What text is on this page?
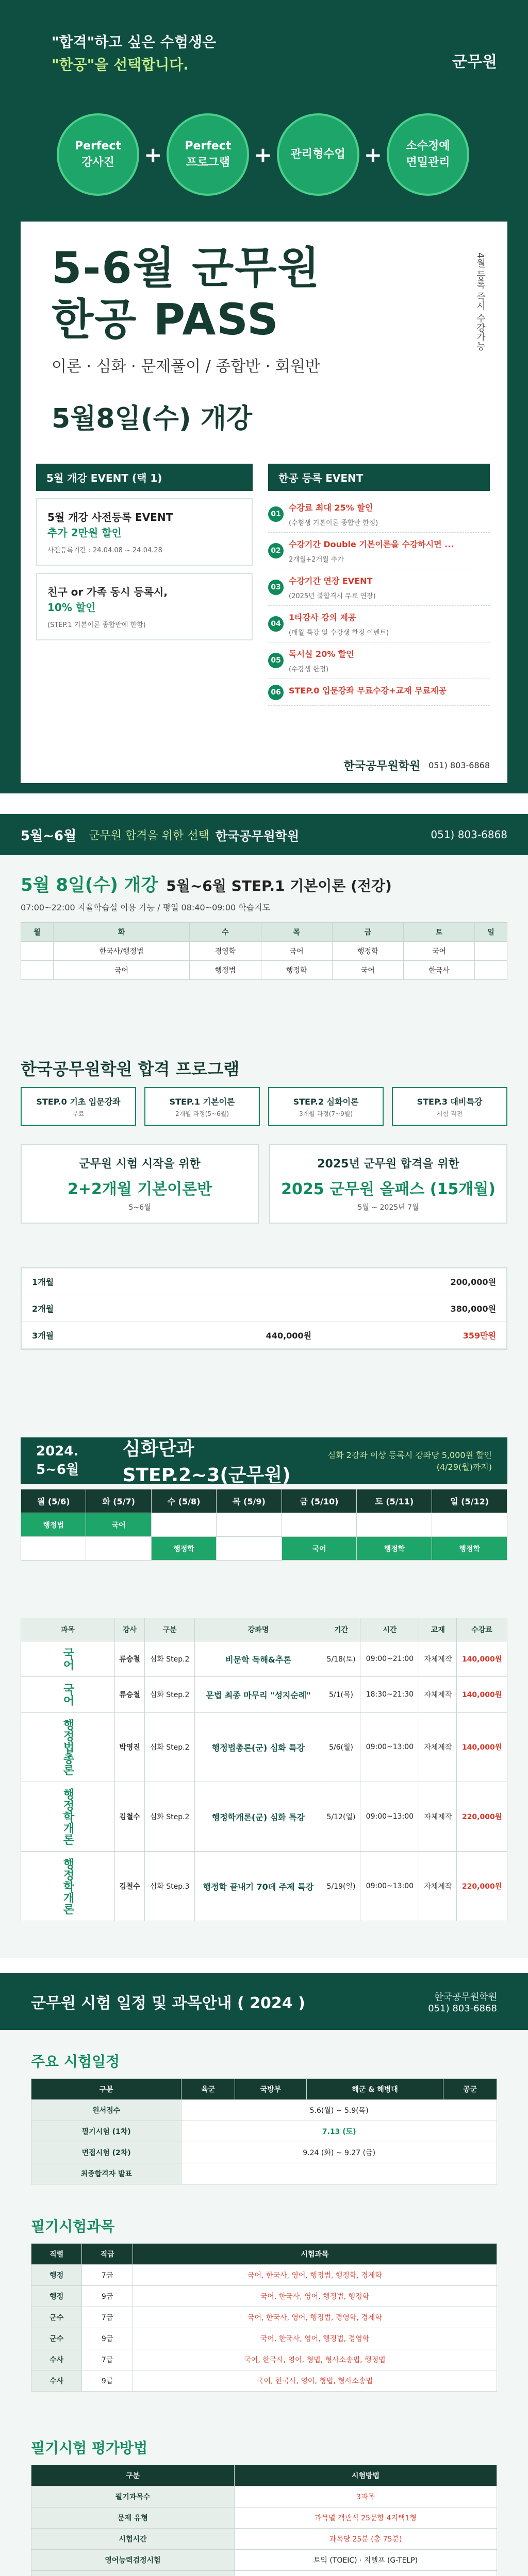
"합격"하고 싶은 수험생은
"한공"을 선택합니다.	군무원
Perfect
강사진 + Perfect
프로그램 + 관리형수업 + 소수정예
면밀관리
5-6월 군무원
한공 PASS
이론 · 심화 · 문제풀이 / 종합반 · 회원반
5월8일(수) 개강
4월 등록 즉시 수강가능
5월 개강 EVENT (택 1)
5월 개강 사전등록 EVENT
추가 2만원 할인
사전등록기간 : 24.04.08 ~ 24.04.28
친구 or 가족 동시 등록시,
10% 할인
(STEP.1 기본이론 종합반에 한함)
한공 등록 EVENT
01
수강료 최대 25% 할인
(수험생 기본이론 종합반 한정)
02
수강기간 Double 기본이론을 수강하시면 ...
2개월+2개월 추가
03
수강기간 연장 EVENT
(2025년 불합격시 무료 연장)
04
1타강사 강의 제공
(매월 특강 및 수강생 한정 이벤트)
05
독서실 20% 할인
(수강생 한정)
06 STEP.0 입문강좌 무료수강+교재 무료제공
한국공무원학원 051) 803-6868
5월~6월 군무원 합격을 위한 선택 한국공무원학원	051) 803-6868
5월 8일(수) 개강 5월~6월 STEP.1 기본이론 (전강)
07:00~22:00 자율학습실 이용 가능 / 평일 08:40~09:00 학습지도
월	화	수	목	금	토	일
	한국사/행정법	경영학	국어	행정학	국어	
	국어	행정법	행정학	국어	한국사	
한국공무원학원 합격 프로그램
STEP.0 기초 입문강좌
무료
STEP.1 기본이론
2개월 과정(5~6월)
STEP.2 심화이론
3개월 과정(7~9월)
STEP.3 대비특강
시험 직전
군무원 시험 시작을 위한
2+2개월 기본이론반
5~6월
2025년 군무원 합격을 위한
2025 군무원 올패스 (15개월)
5월 ~ 2025년 7월
1개월	200,000원
2개월	380,000원
3개월	440,000원	359만원
2024. 5~6월
심화단과 STEP.2~3(군무원)
심화 2강좌 이상 등록시 강좌당 5,000원 할인 (4/29(월)까지)
월 (5/6)	화 (5/7)	수 (5/8)	목 (5/9)	금 (5/10)	토 (5/11)	일 (5/12)
행정법	국어					
		행정학		국어	행정학	행정학
과목	강사	구분	강좌명	기간	시간	교재	수강료
국어	류승철	심화 Step.2	비문학 독해&추론	5/18(토)	09:00~21:00	자체제작	140,000원
국어	류승철	심화 Step.2	문법 최종 마무리 "성지순례"	5/1(목)	18:30~21:30	자체제작	140,000원
행정법총론	박영진	심화 Step.2	행정법총론(군) 심화 특강	5/6(월)	09:00~13:00	자체제작	140,000원
행정학개론	김철수	심화 Step.2	행정학개론(군) 심화 특강	5/12(일)	09:00~13:00	자체제작	220,000원
행정학개론	김철수	심화 Step.3	행정학 끝내기 70데 주제 특강	5/19(일)	09:00~13:00	자체제작	220,000원
군무원 시험 일정 및 과목안내 ( 2024 )	한국공무원학원
051) 803-6868
주요 시험일정
구분	육군	국방부	해군 & 해병대	공군
원서접수	5.6(월) ~ 5.9(목)			
필기시험 (1차)	7.13 (토)			
면접시험 (2차)	9.24 (화) ~ 9.27 (금)			
최종합격자 발표				
필기시험과목
직렬	직급	시험과목
행정	7급	국어, 한국사, 영어, 행정법, 행정학, 경제학
행정	9급	국어, 한국사, 영어, 행정법, 행정학
군수	7급	국어, 한국사, 영어, 행정법, 경영학, 경제학
군수	9급	국어, 한국사, 영어, 행정법, 경영학
수사	7급	국어, 한국사, 영어, 형법, 형사소송법, 행정법
수사	9급	국어, 한국사, 영어, 형법, 형사소송법
필기시험 평가방법
구분	시험방법
필기과목수	3과목
문제 유형	과목별 객관식 25문항 4지택1형
시험시간	과목당 25분 (총 75분)
영어능력검정시험	토익 (TOEIC) · 지텔프 (G-TELP)
